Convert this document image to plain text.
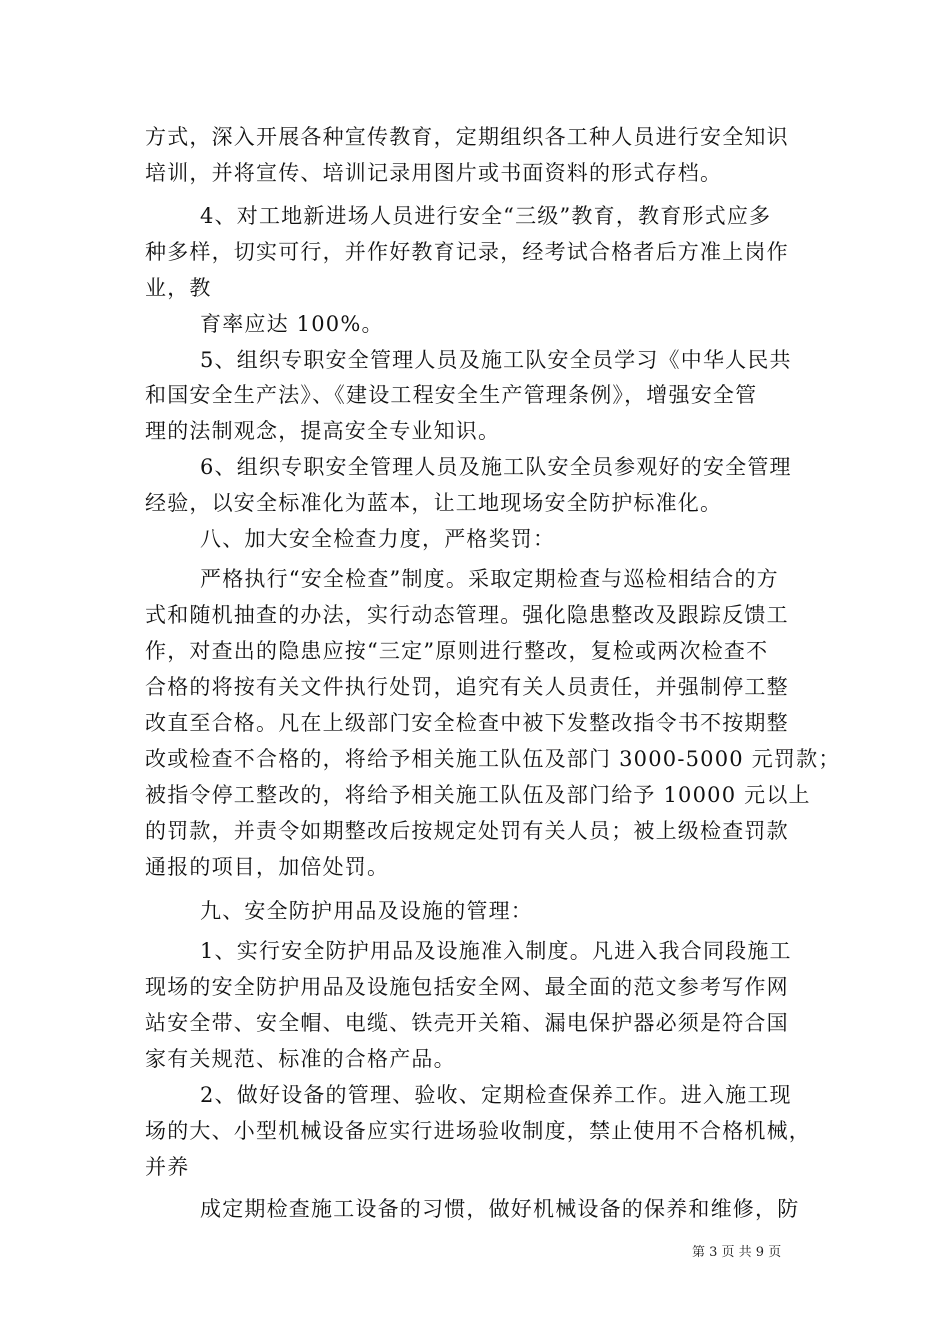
方式，深入开展各种宣传教育，定期组织各工种人员进行安全知识
培训，并将宣传、培训记录用图片或书面资料的形式存档。
4、对工地新进场人员进行安全“三级”教育，教育形式应多
种多样，切实可行，并作好教育记录，经考试合格者后方准上岗作
业，教
育率应达 100%。
5、组织专职安全管理人员及施工队安全员学习《中华人民共
和国安全生产法》、《建设工程安全生产管理条例》，增强安全管
理的法制观念，提高安全专业知识。
6、组织专职安全管理人员及施工队安全员参观好的安全管理
经验，以安全标准化为蓝本，让工地现场安全防护标准化。
八、加大安全检查力度，严格奖罚：
严格执行“安全检查”制度。采取定期检查与巡检相结合的方
式和随机抽查的办法，实行动态管理。强化隐患整改及跟踪反馈工
作，对查出的隐患应按“三定”原则进行整改，复检或两次检查不
合格的将按有关文件执行处罚，追究有关人员责任，并强制停工整
改直至合格。凡在上级部门安全检查中被下发整改指令书不按期整
改或检查不合格的，将给予相关施工队伍及部门 3000-5000 元罚款；
被指令停工整改的，将给予相关施工队伍及部门给予 10000 元以上
的罚款，并责令如期整改后按规定处罚有关人员；被上级检查罚款
通报的项目，加倍处罚。
九、安全防护用品及设施的管理：
1、实行安全防护用品及设施准入制度。凡进入我合同段施工
现场的安全防护用品及设施包括安全网、最全面的范文参考写作网
站安全带、安全帽、电缆、铁壳开关箱、漏电保护器必须是符合国
家有关规范、标准的合格产品。
2、做好设备的管理、验收、定期检查保养工作。进入施工现
场的大、小型机械设备应实行进场验收制度，禁止使用不合格机械，
并养
成定期检查施工设备的习惯，做好机械设备的保养和维修，防
第 3 页 共 9 页
